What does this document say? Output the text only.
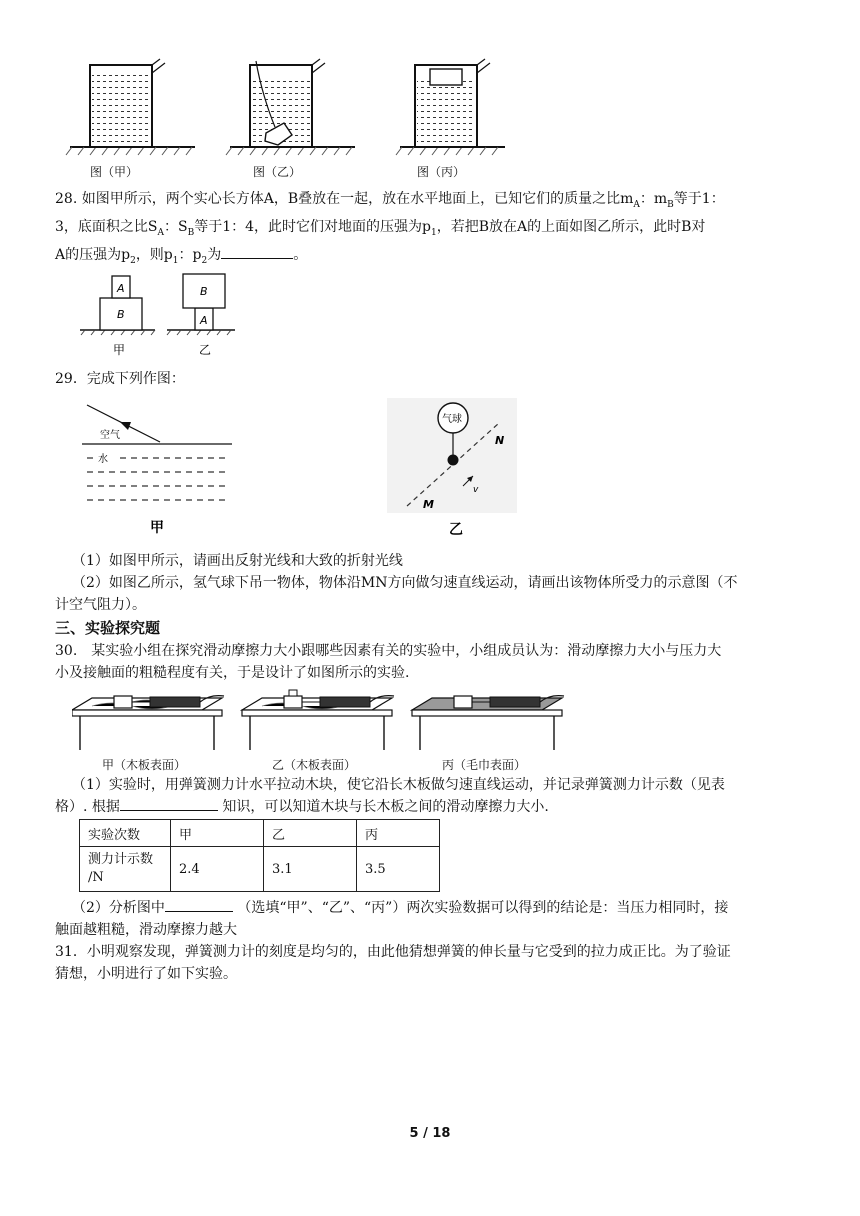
图（甲）	图（乙）	图（丙）
28. 如图甲所示，两个实心长方体A，B叠放在一起，放在水平地面上，已知它们的质量之比$m_A$：$m_B$等于1：
3，底面积之比$S_A$：$S_B$等于1：4，此时它们对地面的压强为$p_1$，若把B放在A的上面如图乙所示，此时B对
A的压强为$p_2$，则$p_1$：$p_2$为	。
A
B
甲
A
B
乙
29．完成下列作图：
空气
水
甲
气球
v
N
M
乙
（1）如图甲所示，请画出反射光线和大致的折射光线
（2）如图乙所示，氢气球下吊一物体，物体沿MN方向做匀速直线运动，请画出该物体所受力的示意图（不
计空气阻力）。
三、实验探究题
30.　某实验小组在探究滑动摩擦力大小跟哪些因素有关的实验中，小组成员认为：滑动摩擦力大小与压力大
小及接触面的粗糙程度有关，于是设计了如图所示的实验.
甲（木板表面）	乙（木板表面）	丙（毛巾表面）
（1）实验时，用弹簧测力计水平拉动木块，使它沿长木板做匀速直线运动，并记录弹簧测力计示数（见表
格）. 根据	知识，可以知道木块与长木板之间的滑动摩擦力大小.
实验次数	甲	乙	丙

测力计示数
/N	2.4	3.1	3.5
（2）分析图中	（选填“甲”、“乙”、“丙”）两次实验数据可以得到的结论是：当压力相同时，接
触面越粗糙，滑动摩擦力越大
31．小明观察发现，弹簧测力计的刻度是均匀的，由此他猜想弹簧的伸长量与它受到的拉力成正比。为了验证
猜想，小明进行了如下实验。
5 / 18
